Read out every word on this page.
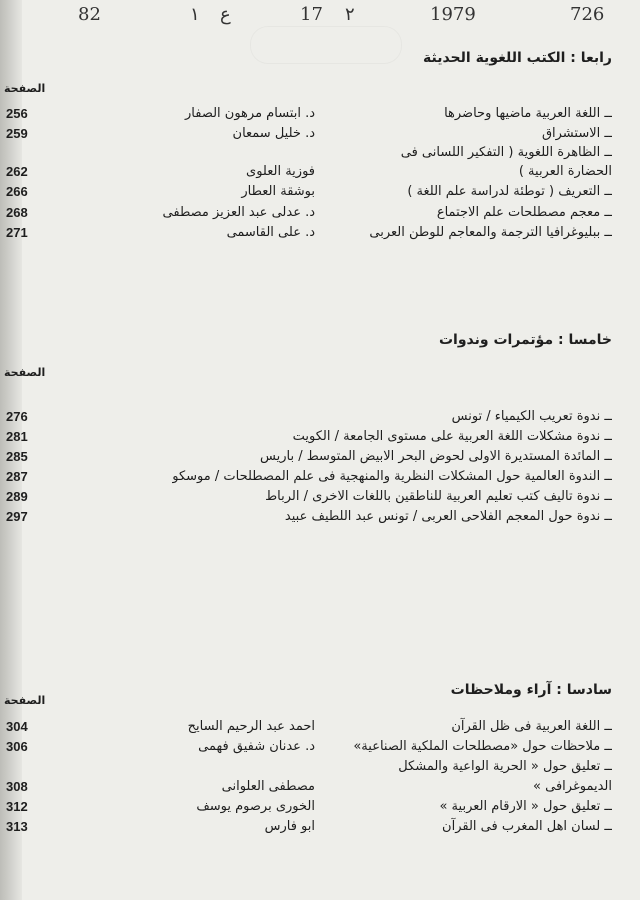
82	١ ع	17 ٢	1979	726
رابعا : الكتب اللغوية الحديثة
الصفحة
256	د. ابتسام مرهون الصفار	ــ اللغة العربية ماضيها وحاضرها
259	د. خليل سمعان	ــ الاستشراق
ــ الظاهرة اللغوية ( التفكير اللسانى فى
262	فوزية العلوى	الحضارة العربية )
266	بوشقة العطار	ــ التعريف ( توطئة لدراسة علم اللغة )
268	د. عدلى عبد العزيز مصطفى	ــ معجم مصطلحات علم الاجتماع
271	د. على القاسمى	ــ ببليوغرافيا الترجمة والمعاجم للوطن العربى
خامسا : مؤتمرات وندوات
الصفحة
276	ــ ندوة تعريب الكيمياء / تونس
281	ــ ندوة مشكلات اللغة العربية على مستوى الجامعة / الكويت
285	ــ المائدة المستديرة الاولى لحوض البحر الابيض المتوسط / باريس
287	ــ الندوة العالمية حول المشكلات النظرية والمنهجية فى علم المصطلحات / موسكو
289	ــ ندوة تاليف كتب تعليم العربية للناطقين باللغات الاخرى / الرباط
297	ــ ندوة حول المعجم الفلاحى العربى / تونس عبد اللطيف عبيد
سادسا : آراء وملاحظات
الصفحة
304	احمد عبد الرحيم السايح	ــ اللغة العربية فى ظل القرآن
306	د. عدنان شفيق فهمى	ــ ملاحظات حول «مصطلحات الملكية الصناعية»
ــ تعليق حول « الحرية الواعية والمشكل
308	مصطفى العلوانى	الديموغرافى »
312	الخورى برصوم يوسف	ــ تعليق حول « الارقام العربية »
313	ابو فارس	ــ لسان اهل المغرب فى القرآن
